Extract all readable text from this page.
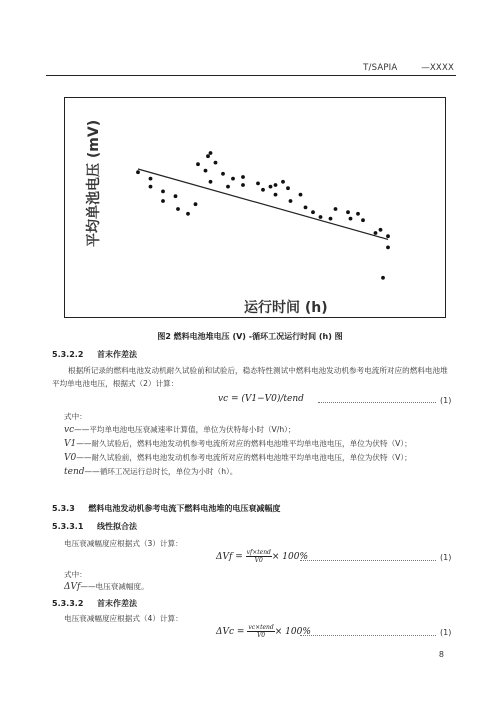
T/SAPIA	—XXXX
平均单池电压 (mV)
运行时间 (h)
图2 燃料电池堆电压 (V) -循环工况运行时间 (h) 图
5.3.2.2 首末作差法
根据所记录的燃料电池发动机耐久试验前和试验后，稳态特性测试中燃料电池发动机参考电流所对应的燃料电池堆平均单电池电压，根据式（2）计算：
vc = (V1−V0)/tend	(1)
式中：
vc——平均单电池电压衰减速率计算值，单位为伏特每小时（V/h）；
V1——耐久试验后，燃料电池发动机参考电流所对应的燃料电池堆平均单电池电压，单位为伏特（V）；
V0——耐久试验前，燃料电池发动机参考电流所对应的燃料电池堆平均单电池电压，单位为伏特（V）；
tend——循环工况运行总时长，单位为小时（h）。
5.3.3 燃料电池发动机参考电流下燃料电池堆的电压衰减幅度
5.3.3.1 线性拟合法
电压衰减幅度应根据式（3）计算：
$\Delta Vf = \frac{\text{vf×tend}}{V0} \times 100\%$	(1)
式中：
ΔVf——电压衰减幅度。
5.3.3.2 首末作差法
电压衰减幅度应根据式（4）计算：
$\Delta Vc = \frac{\text{vc×tend}}{V0} \times 100\%$	(1)
8
